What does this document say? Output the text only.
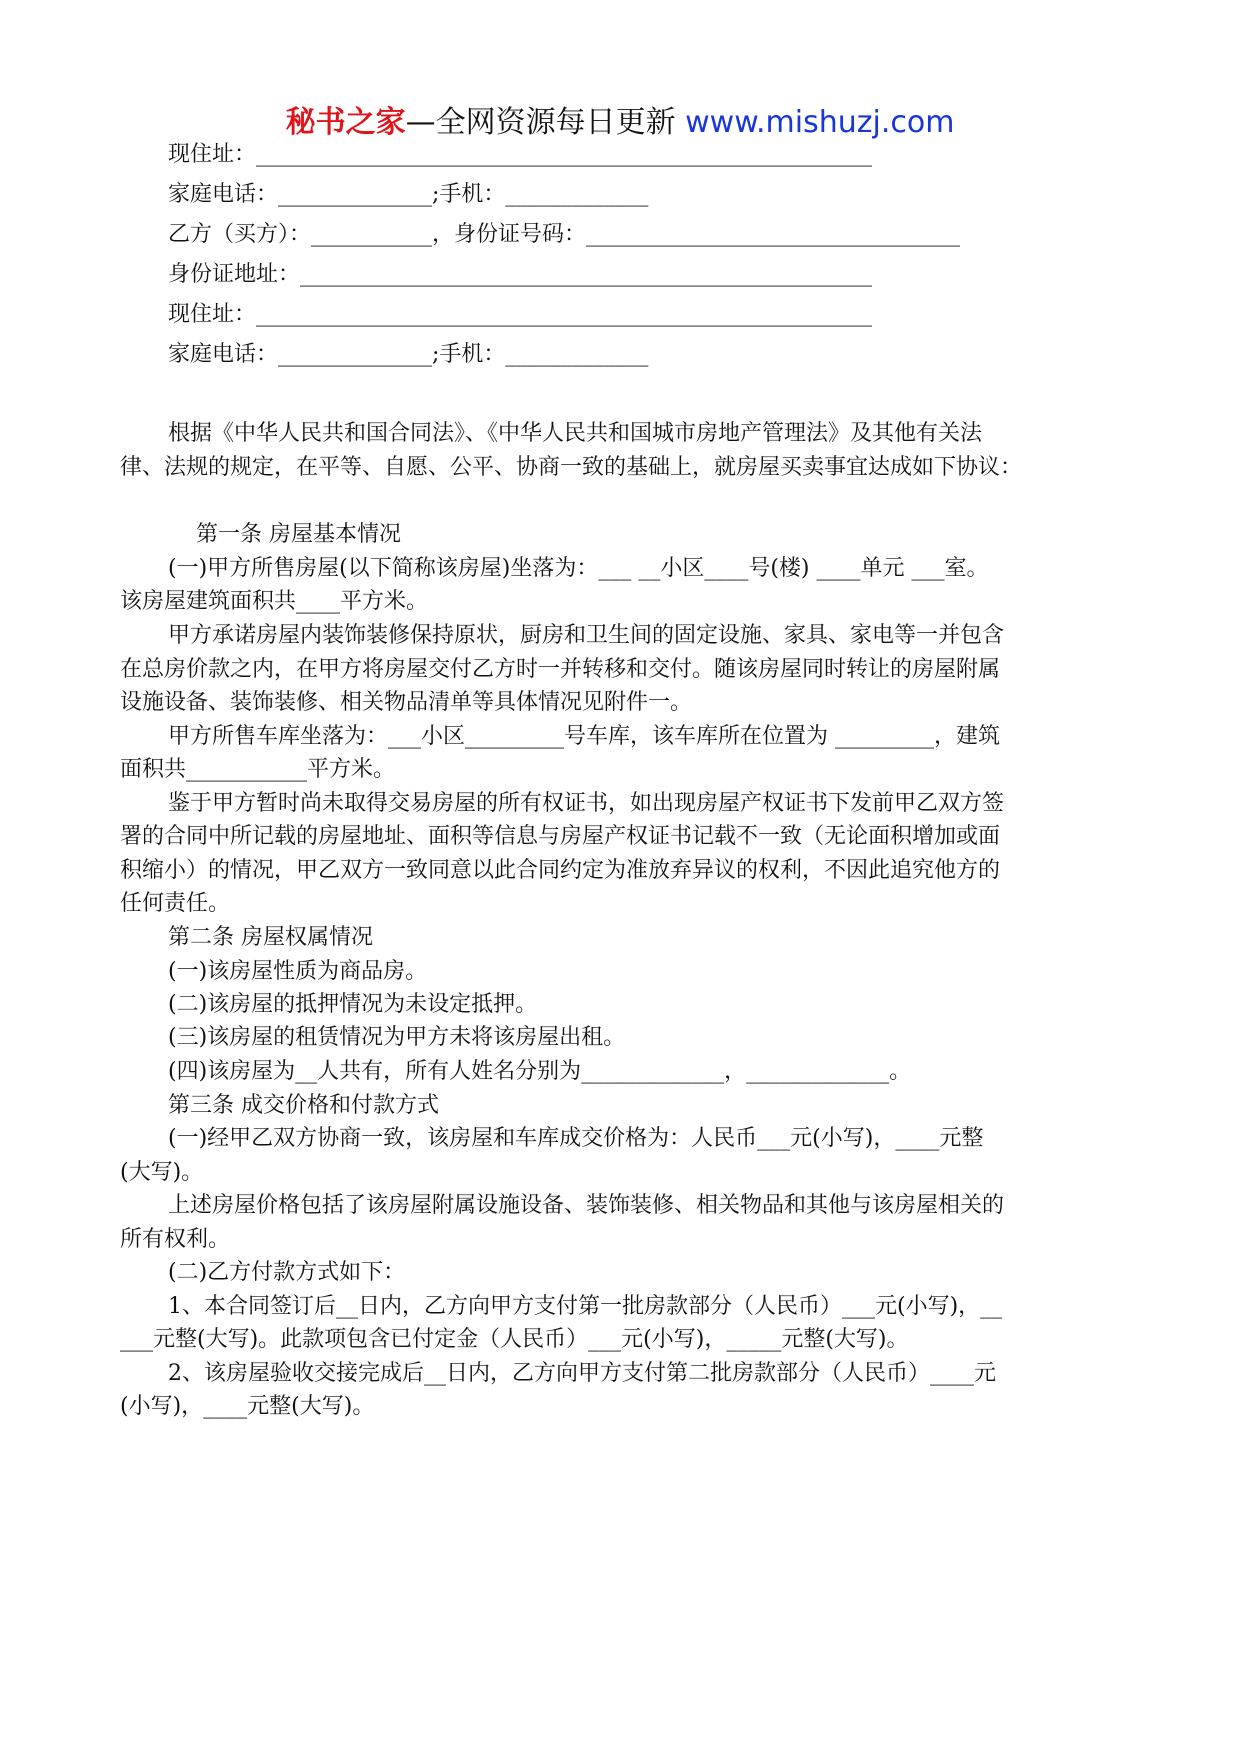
秘书之家—全网资源每日更新 www.mishuzj.com
现住址：________________________________________________________
家庭电话：______________;手机：_____________
乙方（买方）：___________，身份证号码：__________________________________
身份证地址：____________________________________________________
现住址：________________________________________________________
家庭电话：______________;手机：_____________
根据《中华人民共和国合同法》、《中华人民共和国城市房地产管理法》及其他有关法
律、法规的规定，在平等、自愿、公平、协商一致的基础上，就房屋买卖事宜达成如下协议：
第一条 房屋基本情况
(一)甲方所售房屋(以下简称该房屋)坐落为：___ __小区____号(楼) ____单元 ___室。
该房屋建筑面积共____平方米。
甲方承诺房屋内装饰装修保持原状，厨房和卫生间的固定设施、家具、家电等一并包含
在总房价款之内，在甲方将房屋交付乙方时一并转移和交付。随该房屋同时转让的房屋附属
设施设备、装饰装修、相关物品清单等具体情况见附件一。
甲方所售车库坐落为：___小区_________号车库，该车库所在位置为 _________，建筑
面积共___________平方米。
鉴于甲方暂时尚未取得交易房屋的所有权证书，如出现房屋产权证书下发前甲乙双方签
署的合同中所记载的房屋地址、面积等信息与房屋产权证书记载不一致（无论面积增加或面
积缩小）的情况，甲乙双方一致同意以此合同约定为准放弃异议的权利，不因此追究他方的
任何责任。
第二条 房屋权属情况
(一)该房屋性质为商品房。
(二)该房屋的抵押情况为未设定抵押。
(三)该房屋的租赁情况为甲方未将该房屋出租。
(四)该房屋为__人共有，所有人姓名分别为_____________，_____________。
第三条 成交价格和付款方式
(一)经甲乙双方协商一致，该房屋和车库成交价格为：人民币___元(小写)，____元整
(大写)。
上述房屋价格包括了该房屋附属设施设备、装饰装修、相关物品和其他与该房屋相关的
所有权利。
(二)乙方付款方式如下：
1、本合同签订后__日内，乙方向甲方支付第一批房款部分（人民币）___元(小写)，__
___元整(大写)。此款项包含已付定金（人民币）___元(小写)，_____元整(大写)。
2、该房屋验收交接完成后__日内，乙方向甲方支付第二批房款部分（人民币）____元
(小写)，____元整(大写)。
